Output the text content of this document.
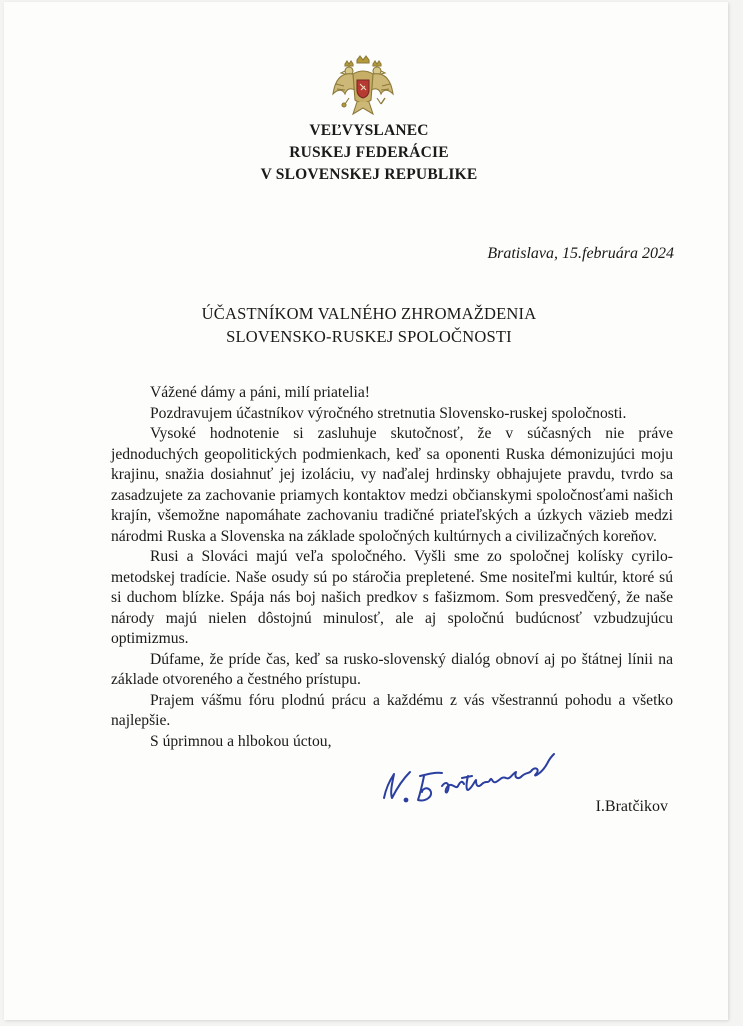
VEĽVYSLANEC
RUSKEJ FEDERÁCIE
V SLOVENSKEJ REPUBLIKE
Bratislava, 15.februára 2024
ÚČASTNÍKOM VALNÉHO ZHROMAŽDENIA
SLOVENSKO-RUSKEJ SPOLOČNOSTI

Vážené dámy a páni, milí priatelia!

Pozdravujem účastníkov výročného stretnutia Slovensko-ruskej spoločnosti.

Vysoké hodnotenie si zasluhuje skutočnosť, že v súčasných nie práve jednoduchých geopolitických podmienkach, keď sa oponenti Ruska démonizujúci moju krajinu, snažia dosiahnuť jej izoláciu, vy naďalej hrdinsky obhajujete pravdu, tvrdo sa zasadzujete za zachovanie priamych kontaktov medzi občianskymi spoločnosťami našich krajín, všemožne napomáhate zachovaniu tradičné priateľských a úzkych väzieb medzi národmi Ruska a Slovenska na základe spoločných kultúrnych a civilizačných koreňov.

Rusi a Slováci majú veľa spoločného. Vyšli sme zo spoločnej kolísky cyrilo-metodskej tradície. Naše osudy sú po stáročia prepletené. Sme nositeľmi kultúr, ktoré sú si duchom blízke. Spája nás boj našich predkov s fašizmom. Som presvedčený, že naše národy majú nielen dôstojnú minulosť, ale aj spoločnú budúcnosť vzbudzujúcu optimizmus.

Dúfame, že príde čas, keď sa rusko-slovenský dialóg obnoví aj po štátnej línii na základe otvoreného a čestného prístupu.

Prajem vášmu fóru plodnú prácu a každému z vás všestrannú pohodu a všetko najlepšie.

S úprimnou a hlbokou úctou,

I.Bratčikov
